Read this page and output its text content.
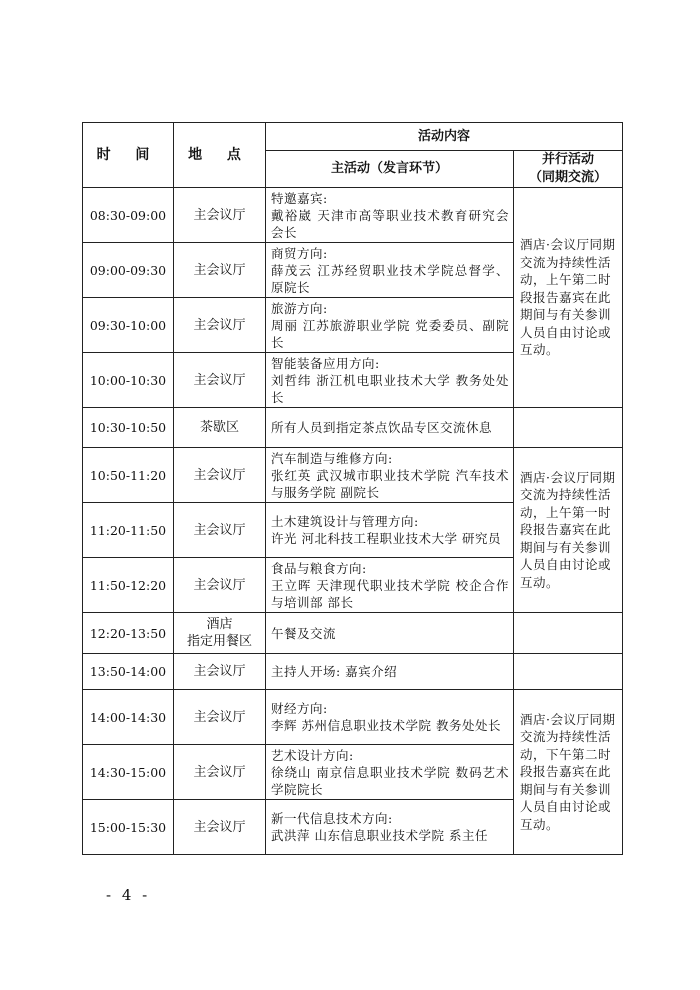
时 间	地 点	活动内容	
		主活动（发言环节）	并行活动
（同期交流）

08:30-09:00	主会议厅	特邀嘉宾:
戴裕崴 天津市高等职业技术教育研究会 会长	酒店·会议厅同期交流为持续性活动，上午第二时段报告嘉宾在此期间与有关参训人员自由讨论或互动。
09:00-09:30	主会议厅	商贸方向:
薛茂云 江苏经贸职业技术学院总督学、原院长	

09:30-10:00	主会议厅	旅游方向:
周丽 江苏旅游职业学院 党委委员、副院长	

10:00-10:30	主会议厅	智能装备应用方向:
刘哲纬 浙江机电职业技术大学 教务处处长	

10:30-10:50	茶歇区	所有人员到指定茶点饮品专区交流休息	

10:50-11:20	主会议厅	汽车制造与维修方向:
张红英 武汉城市职业技术学院 汽车技术与服务学院 副院长	酒店·会议厅同期交流为持续性活动，上午第一时段报告嘉宾在此期间与有关参训人员自由讨论或互动。
11:20-11:50	主会议厅	土木建筑设计与管理方向:
许光 河北科技工程职业技术大学 研究员	

11:50-12:20	主会议厅	食品与粮食方向:
王立晖 天津现代职业技术学院 校企合作与培训部 部长	

12:20-13:50	酒店
指定用餐区	午餐及交流	

13:50-14:00	主会议厅	主持人开场: 嘉宾介绍	

14:00-14:30	主会议厅	财经方向:
李辉 苏州信息职业技术学院 教务处处长	酒店·会议厅同期交流为持续性活动，下午第二时段报告嘉宾在此期间与有关参训人员自由讨论或互动。
14:30-15:00	主会议厅	艺术设计方向:
徐绕山 南京信息职业技术学院 数码艺术学院院长	

15:00-15:30	主会议厅	新一代信息技术方向:
武洪萍 山东信息职业技术学院 系主任	
- 4 -
